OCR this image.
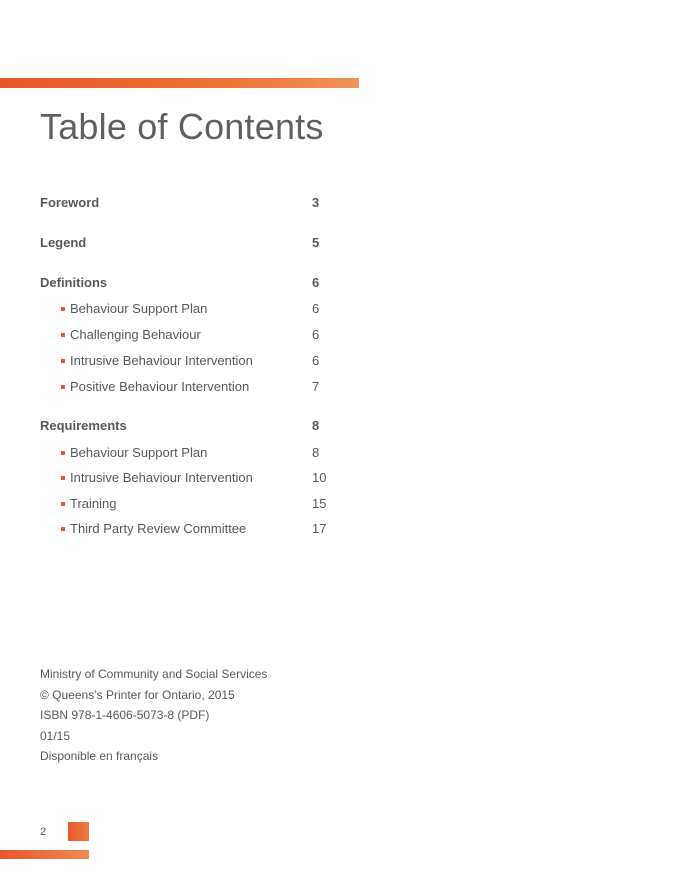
Table of Contents
Foreword	3
Legend	5
Definitions	6
Behaviour Support Plan	6
Challenging Behaviour	6
Intrusive Behaviour Intervention	6
Positive Behaviour Intervention	7
Requirements	8
Behaviour Support Plan	8
Intrusive Behaviour Intervention	10
Training	15
Third Party Review Committee	17
Ministry of Community and Social Services
© Queens’s Printer for Ontario, 2015
ISBN 978-1-4606-5073-8 (PDF)
01/15
Disponible en français
2
